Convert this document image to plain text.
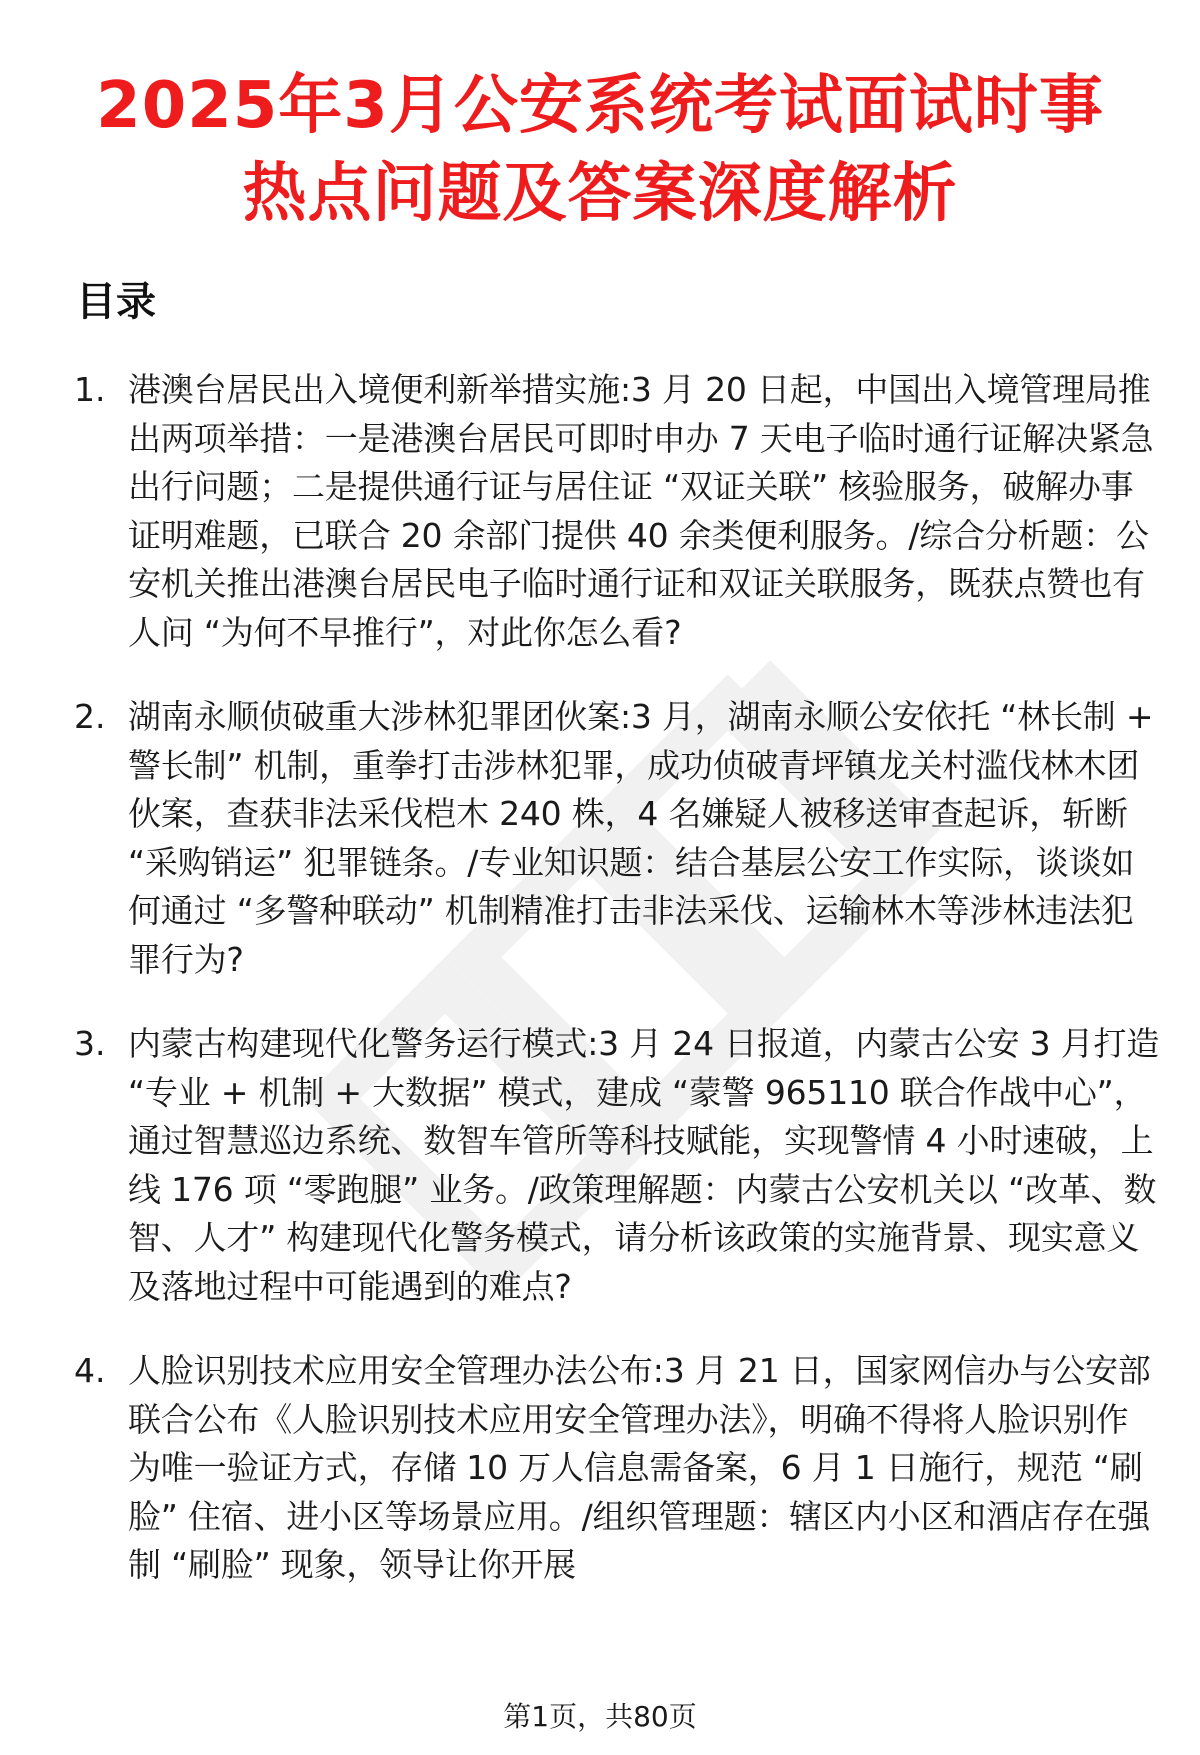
2025年3月公安系统考试面试时事
热点问题及答案深度解析
目录
1. 港澳台居民出入境便利新举措实施:3 月 20 日起，中国出入境管理局推出两项举措：一是港澳台居民可即时申办 7 天电子临时通行证解决紧急出行问题；二是提供通行证与居住证 “双证关联” 核验服务，破解办事证明难题，已联合 20 余部门提供 40 余类便利服务。/综合分析题：公安机关推出港澳台居民电子临时通行证和双证关联服务，既获点赞也有人问 “为何不早推行”，对此你怎么看?
2. 湖南永顺侦破重大涉林犯罪团伙案:3 月，湖南永顺公安依托 “林长制 + 警长制” 机制，重拳打击涉林犯罪，成功侦破青坪镇龙关村滥伐林木团伙案，查获非法采伐桤木 240 株，4 名嫌疑人被移送审查起诉，斩断 “采购销运” 犯罪链条。/专业知识题：结合基层公安工作实际，谈谈如何通过 “多警种联动” 机制精准打击非法采伐、运输林木等涉林违法犯罪行为?
3. 内蒙古构建现代化警务运行模式:3 月 24 日报道，内蒙古公安 3 月打造 “专业 + 机制 + 大数据” 模式，建成 “蒙警 965110 联合作战中心”，通过智慧巡边系统、数智车管所等科技赋能，实现警情 4 小时速破，上线 176 项 “零跑腿” 业务。/政策理解题：内蒙古公安机关以 “改革、数智、人才” 构建现代化警务模式，请分析该政策的实施背景、现实意义及落地过程中可能遇到的难点?
4. 人脸识别技术应用安全管理办法公布:3 月 21 日，国家网信办与公安部联合公布《人脸识别技术应用安全管理办法》，明确不得将人脸识别作为唯一验证方式，存储 10 万人信息需备案，6 月 1 日施行，规范 “刷脸” 住宿、进小区等场景应用。/组织管理题：辖区内小区和酒店存在强制 “刷脸” 现象，领导让你开展
第1页，共80页
